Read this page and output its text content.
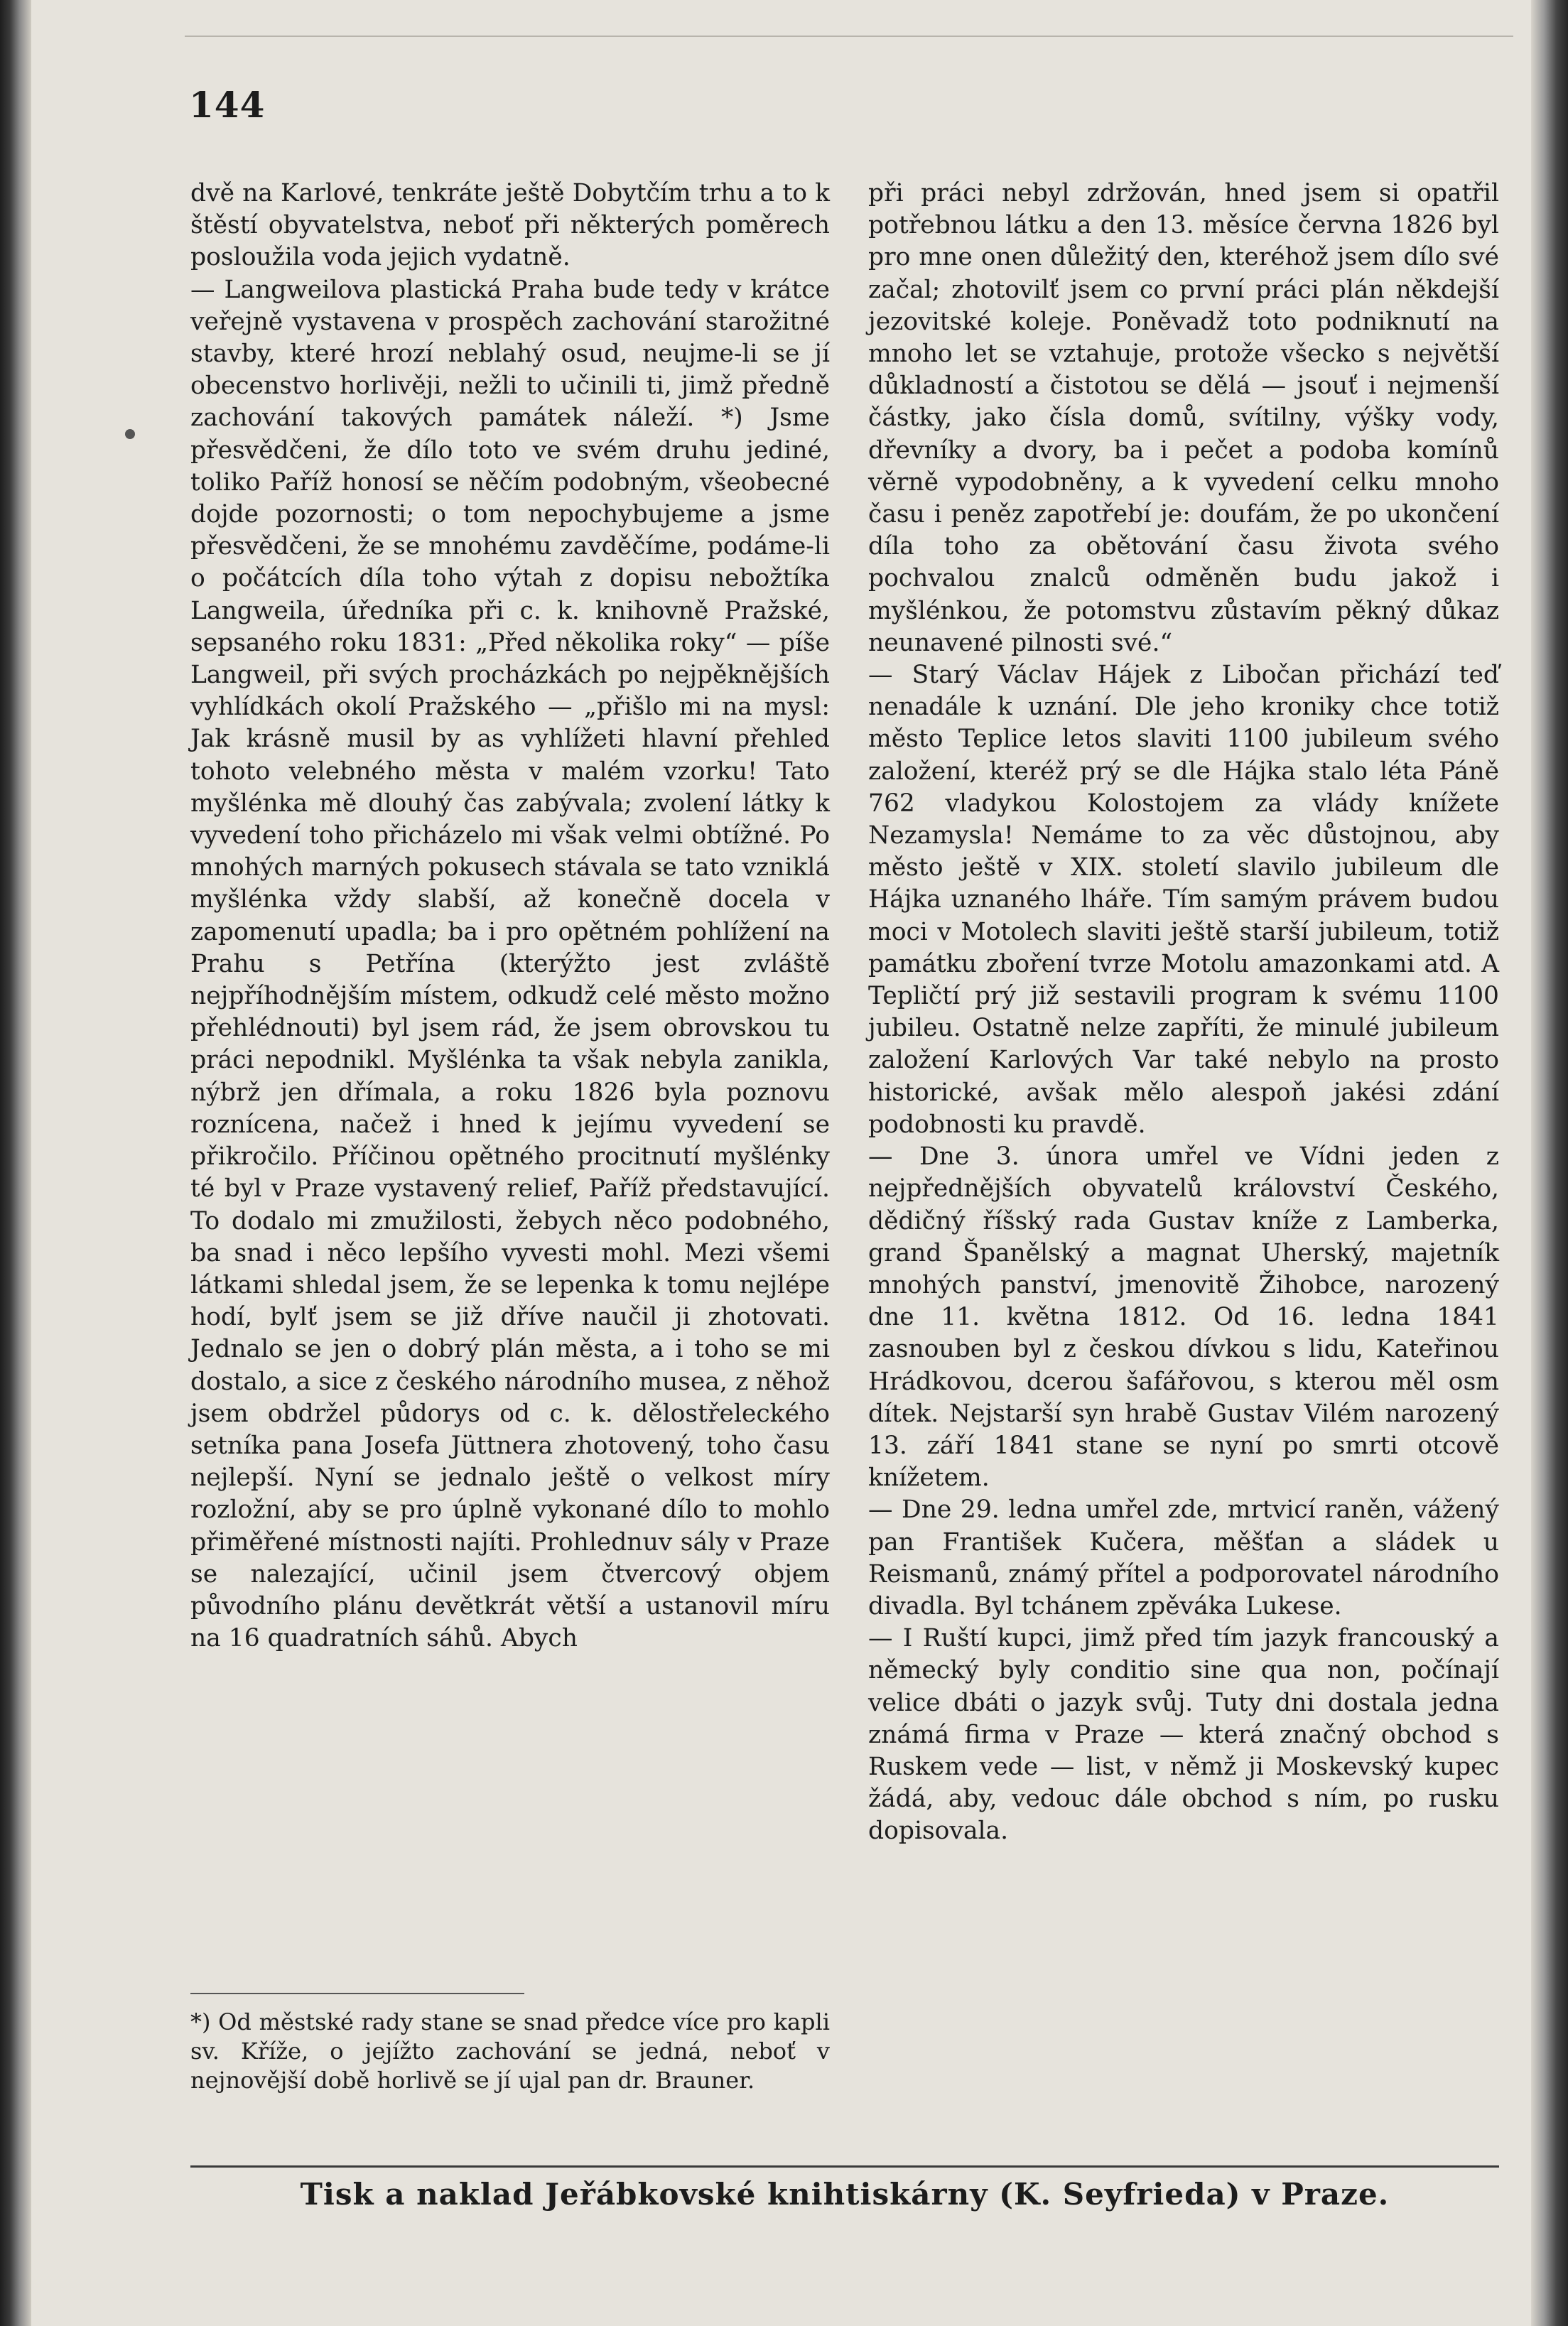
144

dvě na Karlové, tenkráte ještě Dobytčím trhu a to k štěstí obyvatelstva, neboť při některých poměrech posloužila voda jejich vydatně.

— Langweilova plastická Praha bude tedy v krátce veřejně vystavena v prospěch zachování starožitné stavby, které hrozí neblahý osud, neujme-li se jí obecenstvo horlivěji, nežli to učinili ti, jimž předně zachování takových památek náleží. *) Jsme přesvědčeni, že dílo toto ve svém druhu jediné, toliko Paříž honosí se něčím podobným, všeobecné dojde pozornosti; o tom nepochybujeme a jsme přesvědčeni, že se mnohému zavděčíme, podáme-li o počátcích díla toho výtah z dopisu nebožtíka Langweila, úředníka při c. k. knihovně Pražské, sepsaného roku 1831: „Před několika roky“ — píše Langweil, při svých procházkách po nejpěknějších vyhlídkách okolí Pražského — „přišlo mi na mysl: Jak krásně musil by as vyhlížeti hlavní přehled tohoto velebného města v malém vzorku! Tato myšlénka mě dlouhý čas zabývala; zvolení látky k vyvedení toho přicházelo mi však velmi obtížné. Po mnohých marných pokusech stávala se tato vzniklá myšlénka vždy slabší, až konečně docela v zapomenutí upadla; ba i pro opětném pohlížení na Prahu s Petřína (kterýžto jest zvláště nejpříhodnějším místem, odkudž celé město možno přehlédnouti) byl jsem rád, že jsem obrovskou tu práci nepodnikl. Myšlénka ta však nebyla zanikla, nýbrž jen dřímala, a roku 1826 byla poznovu roznícena, načež i hned k jejímu vyvedení se přikročilo. Příčinou opětného procitnutí myšlénky té byl v Praze vystavený relief, Paříž představující. To dodalo mi zmužilosti, žebych něco podobného, ba snad i něco lepšího vyvesti mohl. Mezi všemi látkami shledal jsem, že se lepenka k tomu nejlépe hodí, bylť jsem se již dříve naučil ji zhotovati. Jednalo se jen o dobrý plán města, a i toho se mi dostalo, a sice z českého národního musea, z něhož jsem obdržel půdorys od c. k. dělostřeleckého setníka pana Josefa Jüttnera zhotovený, toho času nejlepší. Nyní se jednalo ještě o velkost míry rozložní, aby se pro úplně vykonané dílo to mohlo přiměřené místnosti najíti. Prohlednuv sály v Praze se nalezající, učinil jsem čtvercový objem původního plánu devětkrát větší a ustanovil míru na 16 quadratních sáhů. Abych

při práci nebyl zdržován, hned jsem si opatřil potřebnou látku a den 13. měsíce června 1826 byl pro mne onen důležitý den, kteréhož jsem dílo své začal; zhotovilť jsem co první práci plán někdejší jezovitské koleje. Poněvadž toto podniknutí na mnoho let se vztahuje, protože všecko s největší důkladností a čistotou se dělá — jsouť i nejmenší částky, jako čísla domů, svítilny, výšky vody, dřevníky a dvory, ba i pečet a podoba komínů věrně vypodobněny, a k vyvedení celku mnoho času i peněz zapotřebí je: doufám, že po ukončení díla toho za obětování času života svého pochvalou znalců odměněn budu jakož i myšlénkou, že potomstvu zůstavím pěkný důkaz neunavené pilnosti své.“

— Starý Václav Hájek z Libočan přichází teď nenadále k uznání. Dle jeho kroniky chce totiž město Teplice letos slaviti 1100 jubileum svého založení, kteréž prý se dle Hájka stalo léta Páně 762 vladykou Kolostojem za vlády knížete Nezamysla! Nemáme to za věc důstojnou, aby město ještě v XIX. století slavilo jubileum dle Hájka uznaného lháře. Tím samým právem budou moci v Motolech slaviti ještě starší jubileum, totiž památku zboření tvrze Motolu amazonkami atd. A Tepličtí prý již sestavili program k svému 1100 jubileu. Ostatně nelze zapříti, že minulé jubileum založení Karlových Var také nebylo na prosto historické, avšak mělo alespoň jakési zdání podobnosti ku pravdě.

— Dne 3. února umřel ve Vídni jeden z nejpřednějších obyvatelů království Českého, dědičný říšský rada Gustav kníže z Lamberka, grand Španělský a magnat Uherský, majetník mnohých panství, jmenovitě Žihobce, narozený dne 11. května 1812. Od 16. ledna 1841 zasnouben byl z českou dívkou s lidu, Kateřinou Hrádkovou, dcerou šafářovou, s kterou měl osm dítek. Nejstarší syn hrabě Gustav Vilém narozený 13. září 1841 stane se nyní po smrti otcově knížetem.

— Dne 29. ledna umřel zde, mrtvicí raněn, vážený pan František Kučera, měšťan a sládek u Reismanů, známý přítel a podporovatel národního divadla. Byl tchánem zpěváka Lukese.

— I Ruští kupci, jimž před tím jazyk francouský a německý byly conditio sine qua non, počínají velice dbáti o jazyk svůj. Tuty dni dostala jedna známá firma v Praze — která značný obchod s Ruskem vede — list, v němž ji Moskevský kupec žádá, aby, vedouc dále obchod s ním, po rusku dopisovala.

*) Od městské rady stane se snad předce více pro kapli sv. Kříže, o jejížto zachování se jedná, neboť v nejnovější době horlivě se jí ujal pan dr. Brauner.

Tisk a naklad Jeřábkovské knihtiskárny (K. Seyfrieda) v Praze.
